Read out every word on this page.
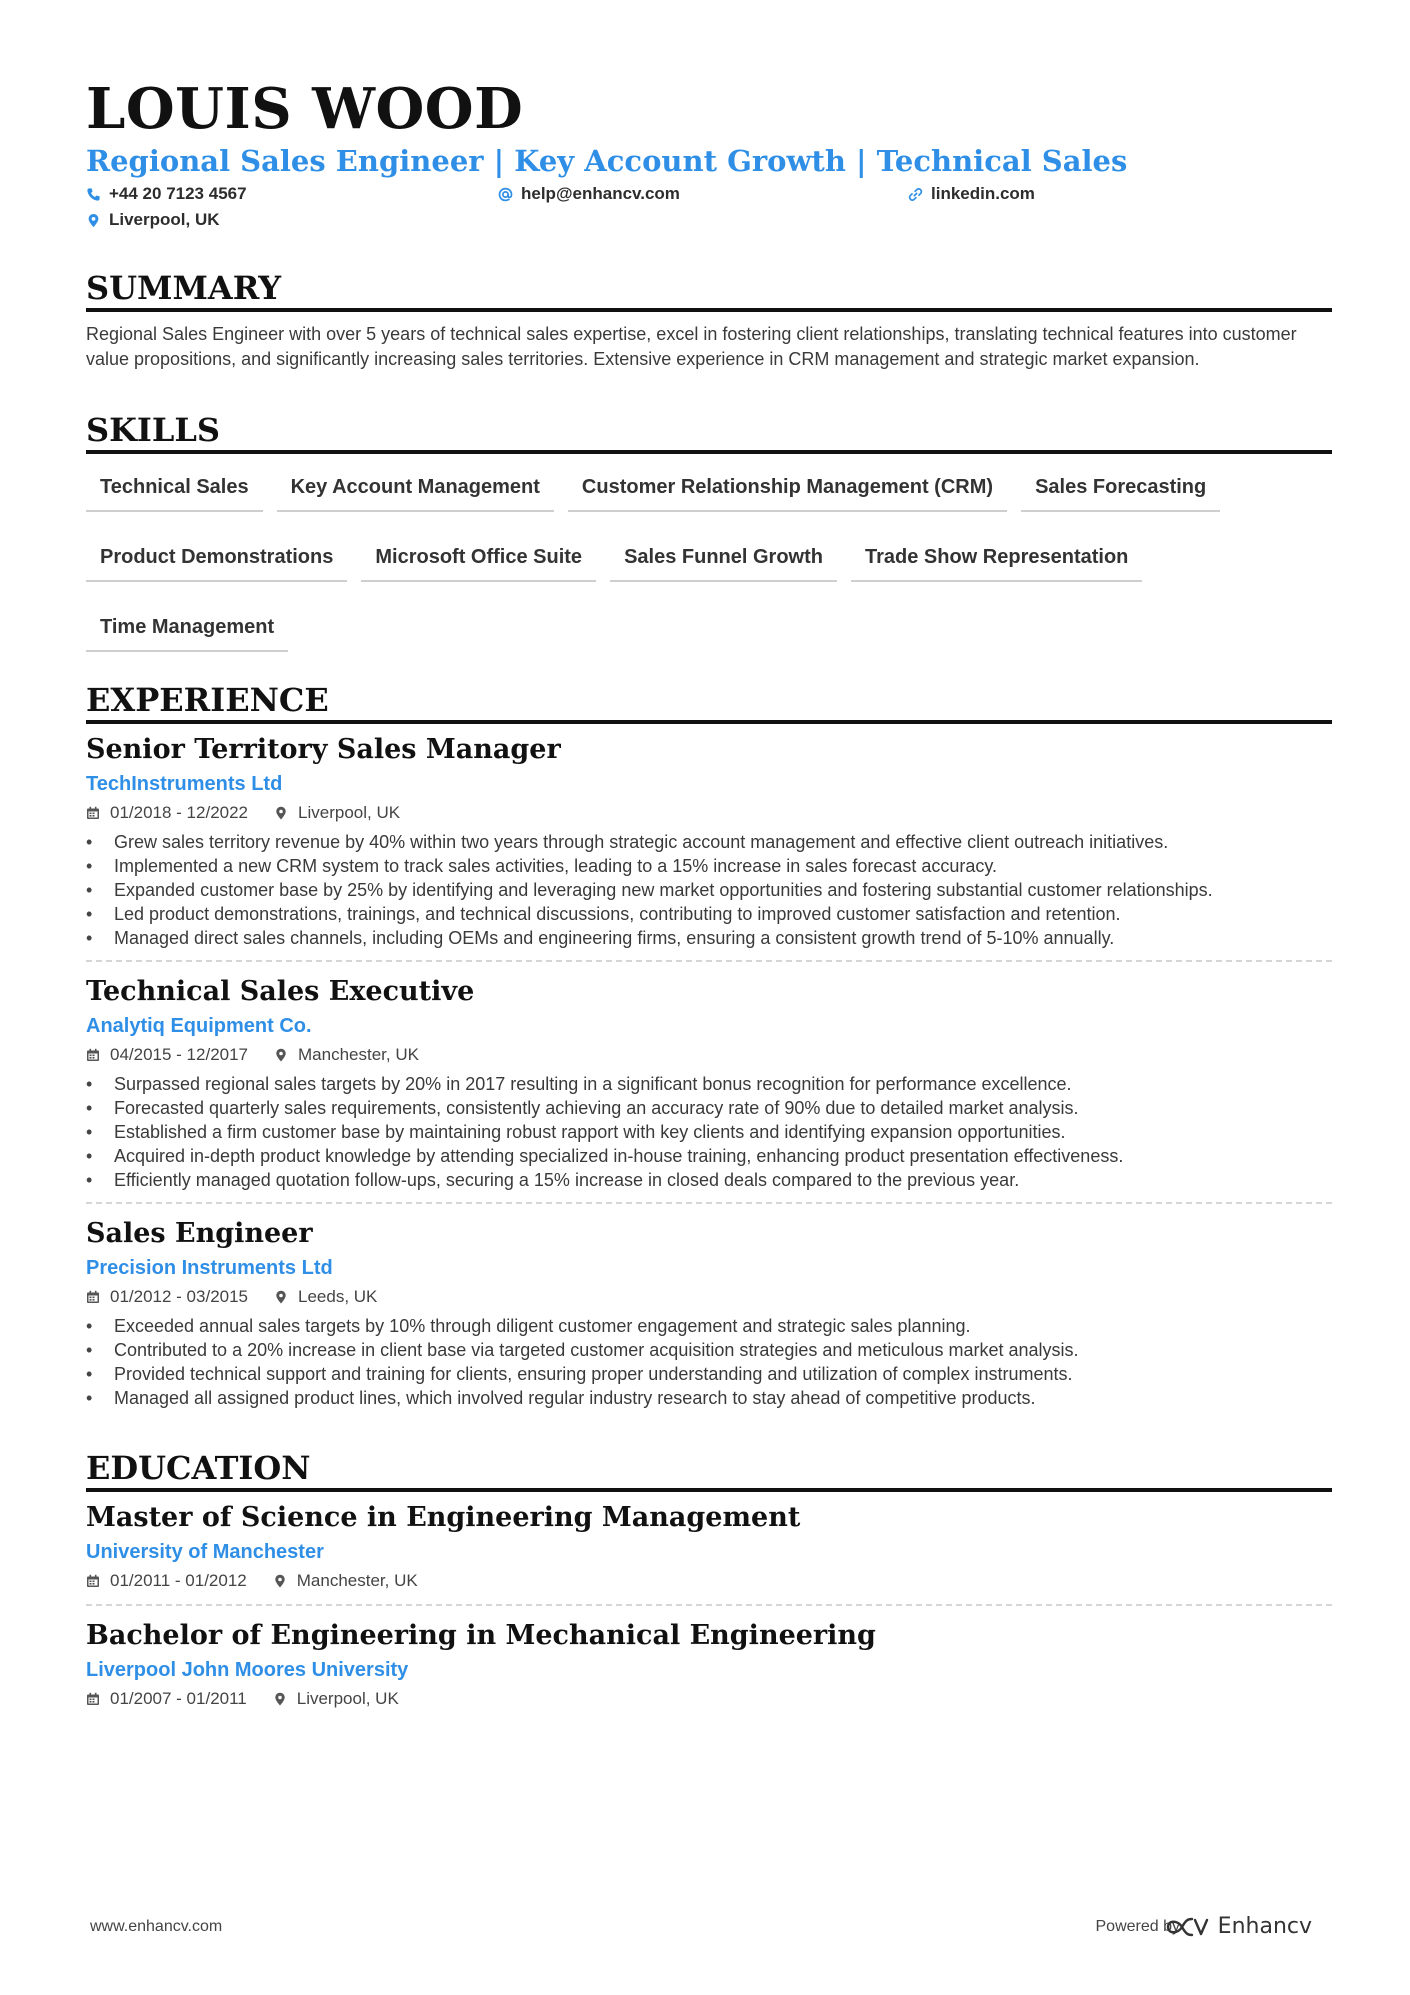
LOUIS WOOD
Regional Sales Engineer | Key Account Growth | Technical Sales
+44 20 7123 4567	help@enhancv.com	linkedin.com
Liverpool, UK
SUMMARY

Regional Sales Engineer with over 5 years of technical sales expertise, excel in fostering client relationships, translating technical features into customer value propositions, and significantly increasing sales territories. Extensive experience in CRM management and strategic market expansion.

SKILLS
Technical Sales	Key Account Management	Customer Relationship Management (CRM)	Sales Forecasting
Product Demonstrations	Microsoft Office Suite	Sales Funnel Growth	Trade Show Representation
Time Management
EXPERIENCE
Senior Territory Sales Manager
TechInstruments Ltd
01/2018 - 12/2022	Liverpool, UK
• Grew sales territory revenue by 40% within two years through strategic account management and effective client outreach initiatives.
• Implemented a new CRM system to track sales activities, leading to a 15% increase in sales forecast accuracy.
• Expanded customer base by 25% by identifying and leveraging new market opportunities and fostering substantial customer relationships.
• Led product demonstrations, trainings, and technical discussions, contributing to improved customer satisfaction and retention.
• Managed direct sales channels, including OEMs and engineering firms, ensuring a consistent growth trend of 5-10% annually.
Technical Sales Executive
Analytiq Equipment Co.
04/2015 - 12/2017	Manchester, UK
• Surpassed regional sales targets by 20% in 2017 resulting in a significant bonus recognition for performance excellence.
• Forecasted quarterly sales requirements, consistently achieving an accuracy rate of 90% due to detailed market analysis.
• Established a firm customer base by maintaining robust rapport with key clients and identifying expansion opportunities.
• Acquired in-depth product knowledge by attending specialized in-house training, enhancing product presentation effectiveness.
• Efficiently managed quotation follow-ups, securing a 15% increase in closed deals compared to the previous year.
Sales Engineer
Precision Instruments Ltd
01/2012 - 03/2015	Leeds, UK
• Exceeded annual sales targets by 10% through diligent customer engagement and strategic sales planning.
• Contributed to a 20% increase in client base via targeted customer acquisition strategies and meticulous market analysis.
• Provided technical support and training for clients, ensuring proper understanding and utilization of complex instruments.
• Managed all assigned product lines, which involved regular industry research to stay ahead of competitive products.
EDUCATION
Master of Science in Engineering Management
University of Manchester
01/2011 - 01/2012	Manchester, UK
Bachelor of Engineering in Mechanical Engineering
Liverpool John Moores University
01/2007 - 01/2011	Liverpool, UK
www.enhancv.com	Powered by Enhancv
